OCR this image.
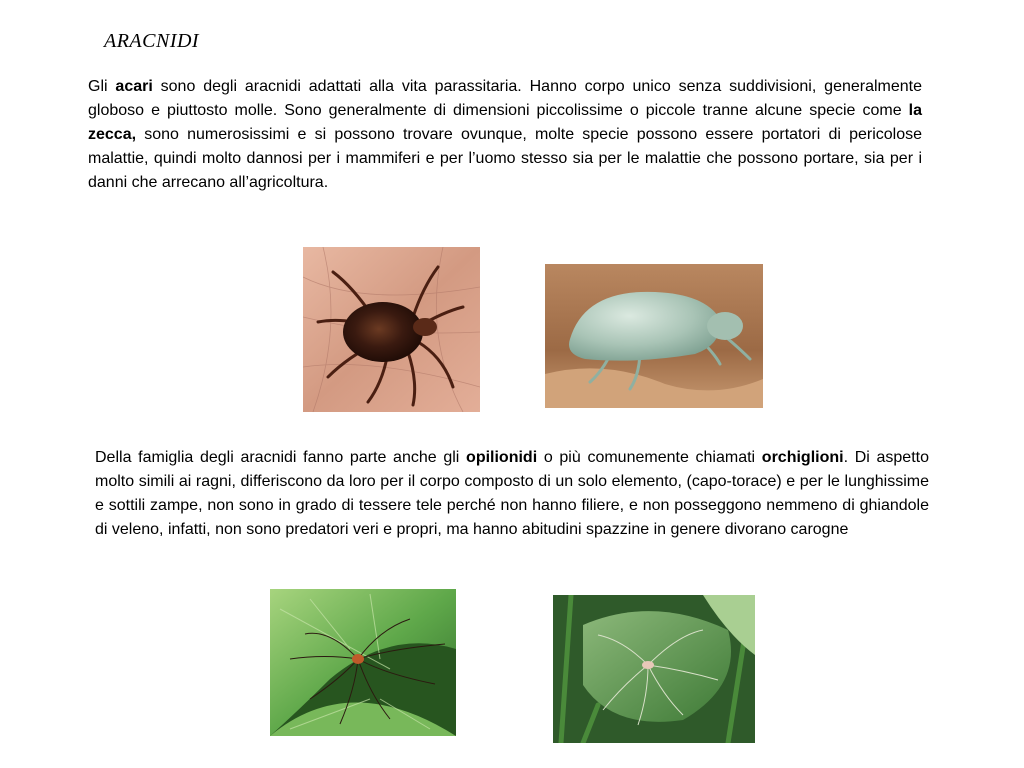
ARACNIDI

Gli acari sono degli aracnidi adattati alla vita parassitaria. Hanno corpo unico senza suddivisioni, generalmente globoso e piuttosto molle. Sono generalmente di dimensioni piccolissime o piccole tranne alcune specie come la zecca, sono numerosissimi e si possono trovare ovunque, molte specie possono essere portatori di pericolose malattie, quindi molto dannosi per i mammiferi e per l’uomo stesso sia per le malattie che possono portare, sia per i danni che arrecano all’agricoltura.

Della famiglia degli aracnidi fanno parte anche gli opilionidi o più comunemente chiamati orchiglioni. Di aspetto molto simili ai ragni, differiscono da loro per il corpo composto di un solo elemento, (capo-torace) e per le lunghissime e sottili zampe, non sono in grado di tessere tele perché non hanno filiere, e non posseggono nemmeno di ghiandole di veleno, infatti, non sono predatori veri e propri, ma hanno abitudini spazzine in genere divorano carogne
